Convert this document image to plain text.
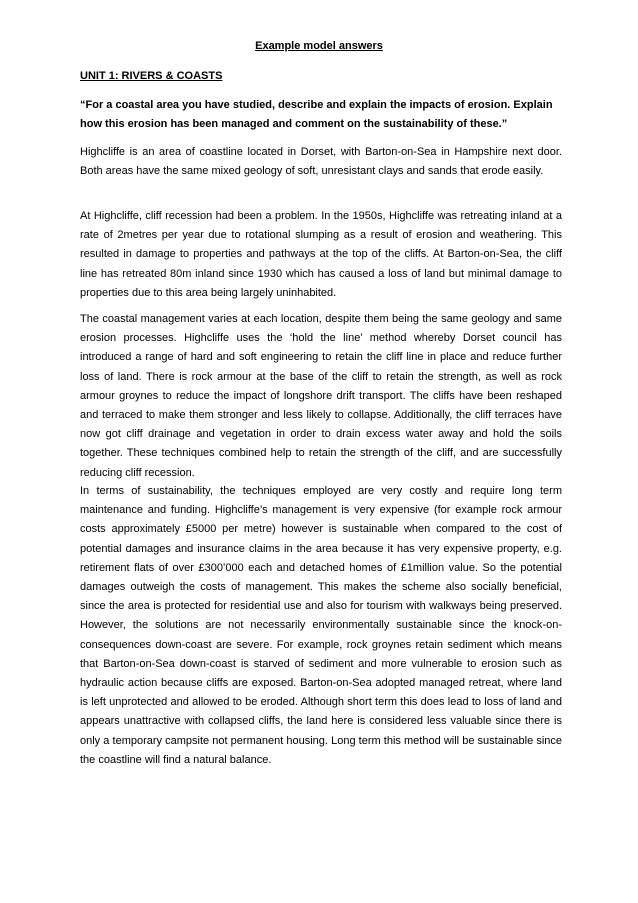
Example model answers
UNIT 1: RIVERS & COASTS

“For a coastal area you have studied, describe and explain the impacts of erosion. Explain how this erosion has been managed and comment on the sustainability of these.”

Highcliffe is an area of coastline located in Dorset, with Barton-on-Sea in Hampshire next door. Both areas have the same mixed geology of soft, unresistant clays and sands that erode easily.

At Highcliffe, cliff recession had been a problem. In the 1950s, Highcliffe was retreating inland at a rate of 2metres per year due to rotational slumping as a result of erosion and weathering. This resulted in damage to properties and pathways at the top of the cliffs. At Barton-on-Sea, the cliff line has retreated 80m inland since 1930 which has caused a loss of land but minimal damage to properties due to this area being largely uninhabited.

The coastal management varies at each location, despite them being the same geology and same erosion processes. Highcliffe uses the ‘hold the line’ method whereby Dorset council has introduced a range of hard and soft engineering to retain the cliff line in place and reduce further loss of land. There is rock armour at the base of the cliff to retain the strength, as well as rock armour groynes to reduce the impact of longshore drift transport. The cliffs have been reshaped and terraced to make them stronger and less likely to collapse. Additionally, the cliff terraces have now got cliff drainage and vegetation in order to drain excess water away and hold the soils together. These techniques combined help to retain the strength of the cliff, and are successfully reducing cliff recession.

In terms of sustainability, the techniques employed are very costly and require long term maintenance and funding. Highcliffe’s management is very expensive (for example rock armour costs approximately £5000 per metre) however is sustainable when compared to the cost of potential damages and insurance claims in the area because it has very expensive property, e.g. retirement flats of over £300’000 each and detached homes of £1million value. So the potential damages outweigh the costs of management. This makes the scheme also socially beneficial, since the area is protected for residential use and also for tourism with walkways being preserved. However, the solutions are not necessarily environmentally sustainable since the knock-on-consequences down-coast are severe. For example, rock groynes retain sediment which means that Barton-on-Sea down-coast is starved of sediment and more vulnerable to erosion such as hydraulic action because cliffs are exposed. Barton-on-Sea adopted managed retreat, where land is left unprotected and allowed to be eroded. Although short term this does lead to loss of land and appears unattractive with collapsed cliffs, the land here is considered less valuable since there is only a temporary campsite not permanent housing. Long term this method will be sustainable since the coastline will find a natural balance.
